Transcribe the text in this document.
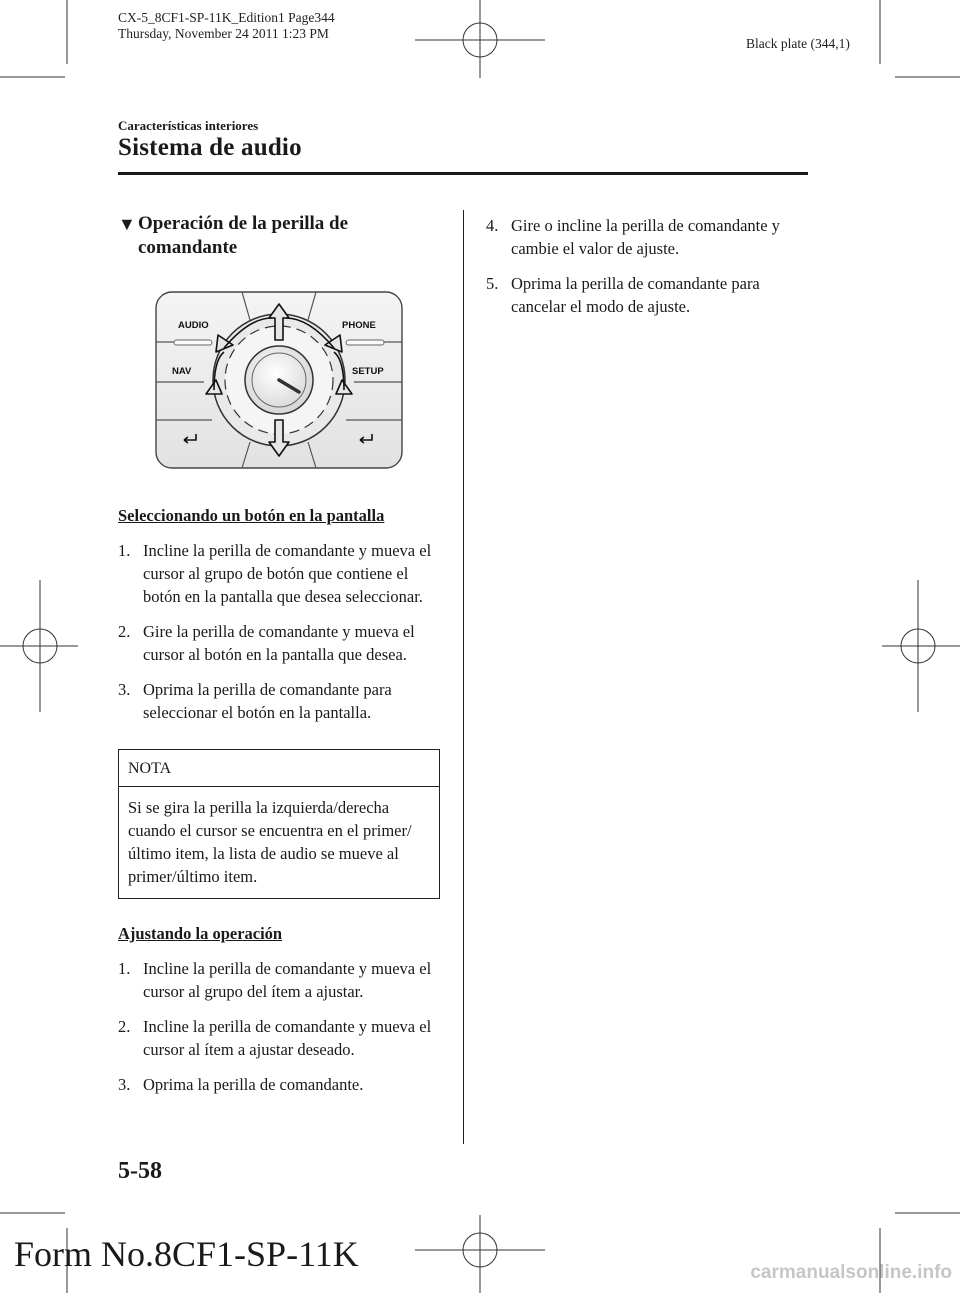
CX-5_8CF1-SP-11K_Edition1 Page344
Thursday, November 24 2011 1:23 PM
Black plate (344,1)
Características interiores
Sistema de audio
▼ Operación de la perilla de comandante
AUDIO	PHONE
NAV	SETUP
Seleccionando un botón en la pantalla
1. Incline la perilla de comandante y mueva el cursor al grupo de botón que contiene el botón en la pantalla que desea seleccionar.
2. Gire la perilla de comandante y mueva el cursor al botón en la pantalla que desea.
3. Oprima la perilla de comandante para seleccionar el botón en la pantalla.
NOTA
Si se gira la perilla la izquierda/derecha cuando el cursor se encuentra en el primer/último item, la lista de audio se mueve al primer/último item.
Ajustando la operación
1. Incline la perilla de comandante y mueva el cursor al grupo del ítem a ajustar.
2. Incline la perilla de comandante y mueva el cursor al ítem a ajustar deseado.
3. Oprima la perilla de comandante.
4. Gire o incline la perilla de comandante y cambie el valor de ajuste.
5. Oprima la perilla de comandante para cancelar el modo de ajuste.
5-58
Form No.8CF1-SP-11K	carmanualsonline.info
